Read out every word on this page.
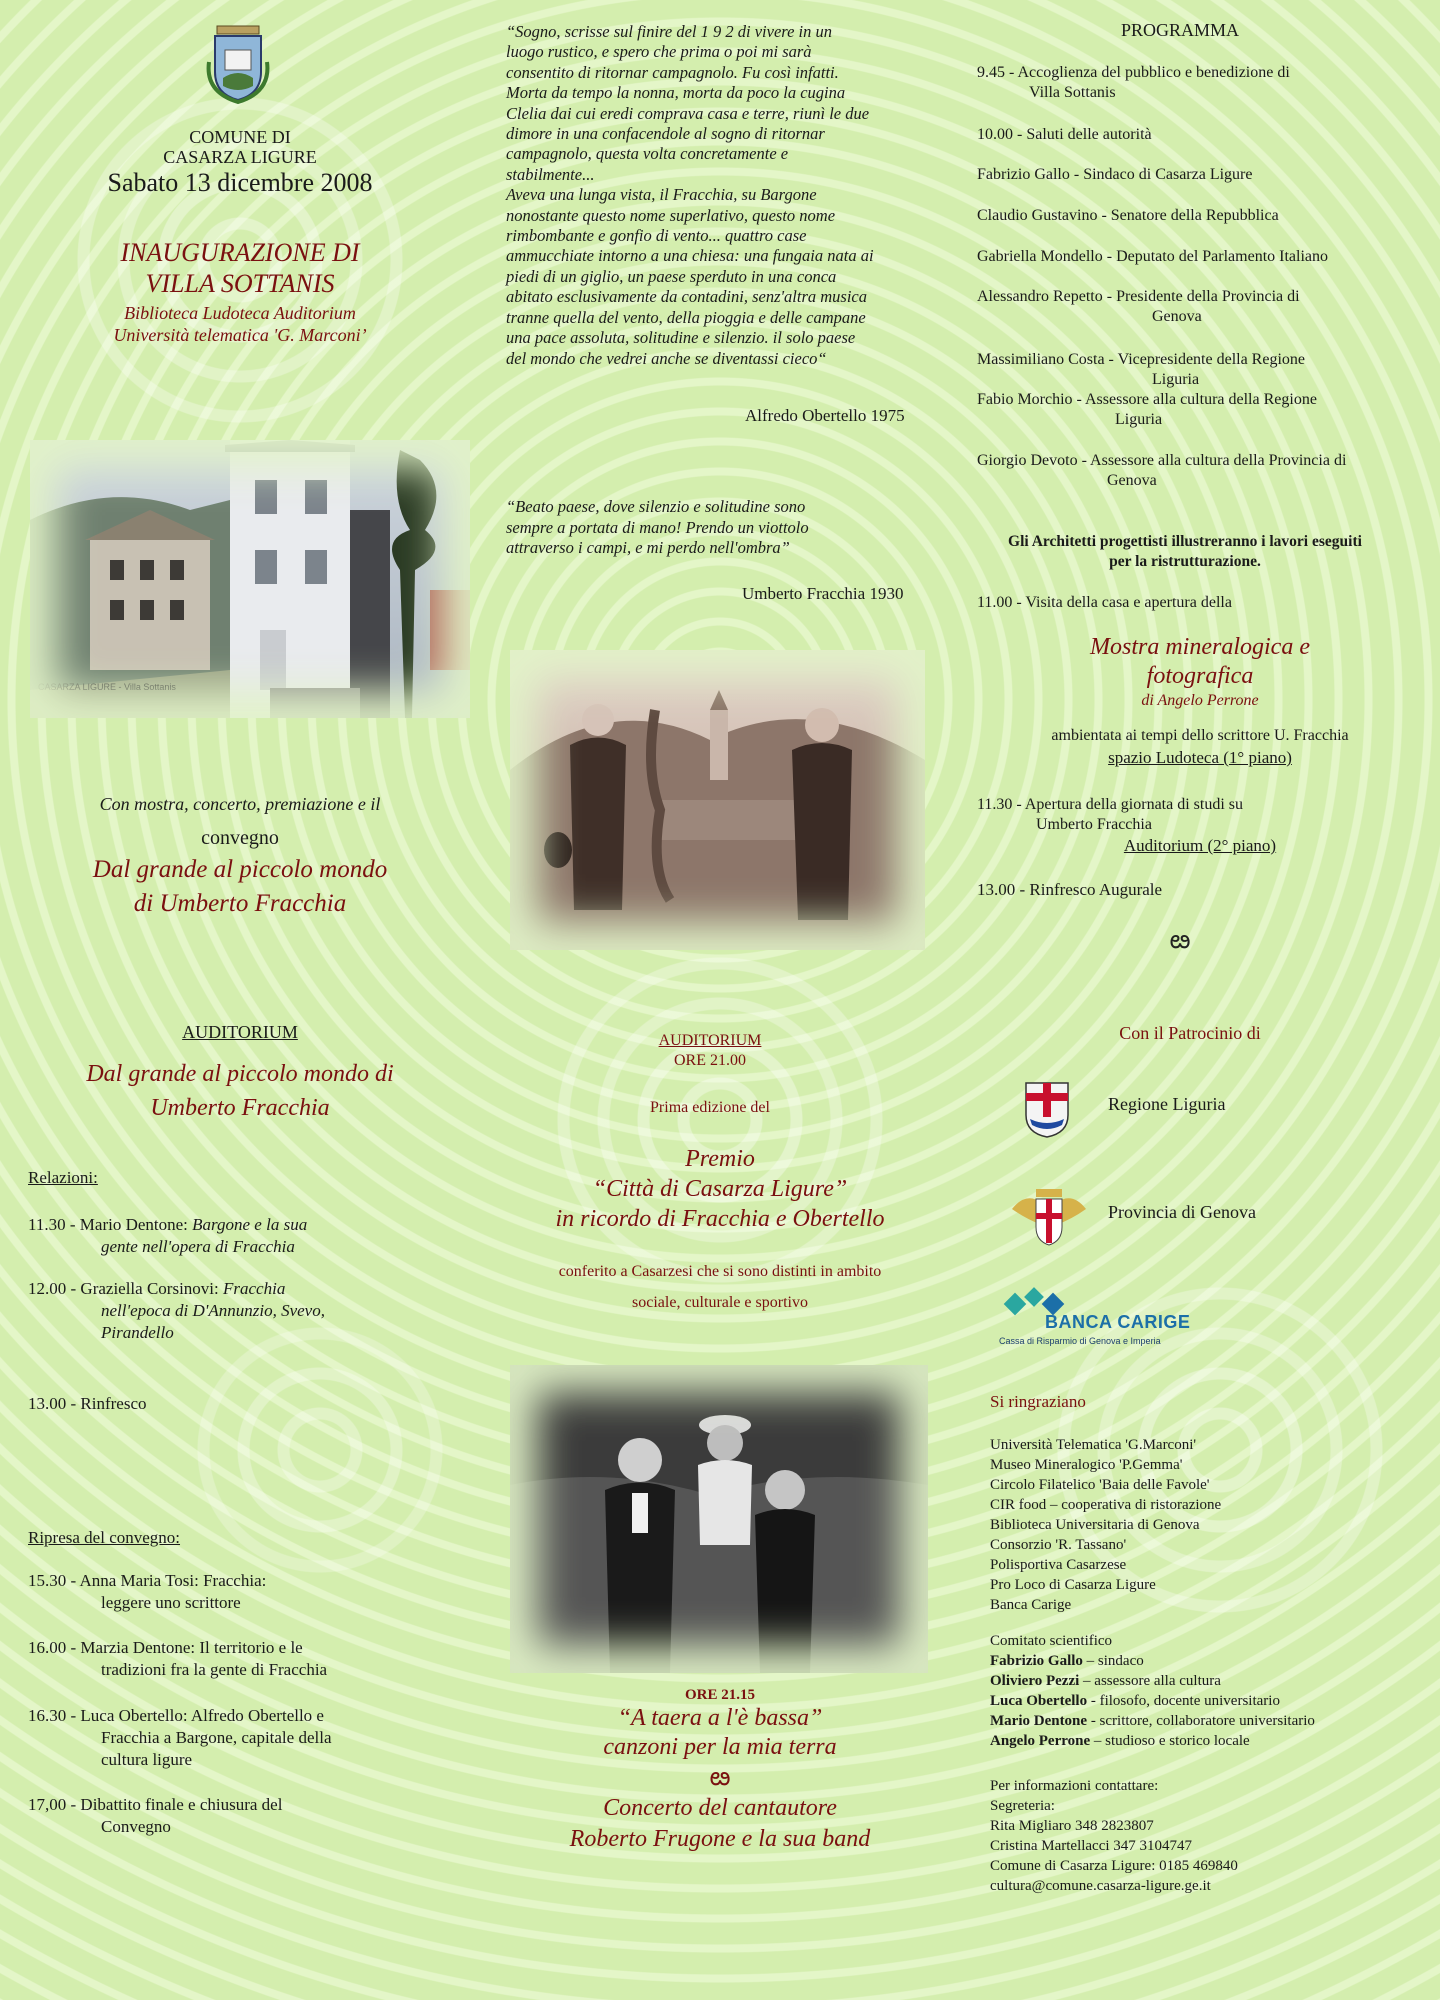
COMUNE DI
CASARZA LIGURE
Sabato 13 dicembre 2008
INAUGURAZIONE DI
VILLA SOTTANIS
Biblioteca Ludoteca Auditorium
Università telematica 'G. Marconi’
CASARZA LIGURE - Villa Sottanis
Con mostra, concerto, premiazione e il
convegno
Dal grande al piccolo mondo
di Umberto Fracchia
“Sogno, scrisse sul finire del 1 9 2 di vivere in un
luogo rustico, e spero che prima o poi mi sarà
consentito di ritornar campagnolo. Fu così infatti.
Morta da tempo la nonna, morta da poco la cugina
Clelia dai cui eredi comprava casa e terre, riunì le due
dimore in una confacendole al sogno di ritornar
campagnolo, questa volta concretamente e
stabilmente...
Aveva una lunga vista, il Fracchia, su Bargone
nonostante questo nome superlativo, questo nome
rimbombante e gonfio di vento... quattro case
ammucchiate intorno a una chiesa: una fungaia nata ai
piedi di un giglio, un paese sperduto in una conca
abitato esclusivamente da contadini, senz'altra musica
tranne quella del vento, della pioggia e delle campane
una pace assoluta, solitudine e silenzio. il solo paese
del mondo che vedrei anche se diventassi cieco“
Alfredo Obertello 1975
“Beato paese, dove silenzio e solitudine sono
sempre a portata di mano! Prendo un viottolo
attraverso i campi, e mi perdo nell'ombra”
Umberto Fracchia 1930
PROGRAMMA
9.45 - Accoglienza del pubblico e benedizione di
Villa Sottanis
10.00 - Saluti delle autorità
Fabrizio Gallo - Sindaco di Casarza Ligure
Claudio Gustavino - Senatore della Repubblica
Gabriella Mondello - Deputato del Parlamento Italiano
Alessandro Repetto - Presidente della Provincia di
Genova
Massimiliano Costa - Vicepresidente della Regione
Liguria
Fabio Morchio - Assessore alla cultura della Regione
Liguria
Giorgio Devoto - Assessore alla cultura della Provincia di
Genova
Gli Architetti progettisti illustreranno i lavori eseguiti
per la ristrutturazione.
11.00 - Visita della casa e apertura della
Mostra mineralogica e
fotografica
di Angelo Perrone
ambientata ai tempi dello scrittore U. Fracchia
spazio Ludoteca (1° piano)
11.30 - Apertura della giornata di studi su
Umberto Fracchia
Auditorium (2° piano)
13.00 - Rinfresco Augurale
ఴ
AUDITORIUM
Dal grande al piccolo mondo di
Umberto Fracchia
Relazioni:
11.30 - Mario Dentone: Bargone e la sua
gente nell'opera di Fracchia
12.00 - Graziella Corsinovi: Fracchia
nell'epoca di D'Annunzio, Svevo,
Pirandello
13.00 - Rinfresco
Ripresa del convegno:
15.30 - Anna Maria Tosi: Fracchia:
leggere uno scrittore
16.00 - Marzia Dentone: Il territorio e le
tradizioni fra la gente di Fracchia
16.30 - Luca Obertello: Alfredo Obertello e
Fracchia a Bargone, capitale della
cultura ligure
17,00 - Dibattito finale e chiusura del
Convegno
AUDITORIUM
ORE 21.00
Prima edizione del
Premio
“Città di Casarza Ligure”
in ricordo di Fracchia e Obertello
conferito a Casarzesi che si sono distinti in ambito
sociale, culturale e sportivo
ORE 21.15
“A taera a l'è bassa”
canzoni per la mia terra
ఴ
Concerto del cantautore
Roberto Frugone e la sua band
Con il Patrocinio di
Regione Liguria
Provincia di Genova
BANCA CARIGE
Cassa di Risparmio di Genova e Imperia
Si ringraziano
Università Telematica 'G.Marconi'
Museo Mineralogico 'P.Gemma'
Circolo Filatelico 'Baia delle Favole'
CIR food – cooperativa di ristorazione
Biblioteca Universitaria di Genova
Consorzio 'R. Tassano'
Polisportiva Casarzese
Pro Loco di Casarza Ligure
Banca Carige
Comitato scientifico
Fabrizio Gallo – sindaco
Oliviero Pezzi – assessore alla cultura
Luca Obertello - filosofo, docente universitario
Mario Dentone - scrittore, collaboratore universitario
Angelo Perrone – studioso e storico locale
Per informazioni contattare:
Segreteria:
Rita Migliaro 348 2823807
Cristina Martellacci 347 3104747
Comune di Casarza Ligure: 0185 469840
cultura@comune.casarza-ligure.ge.it
